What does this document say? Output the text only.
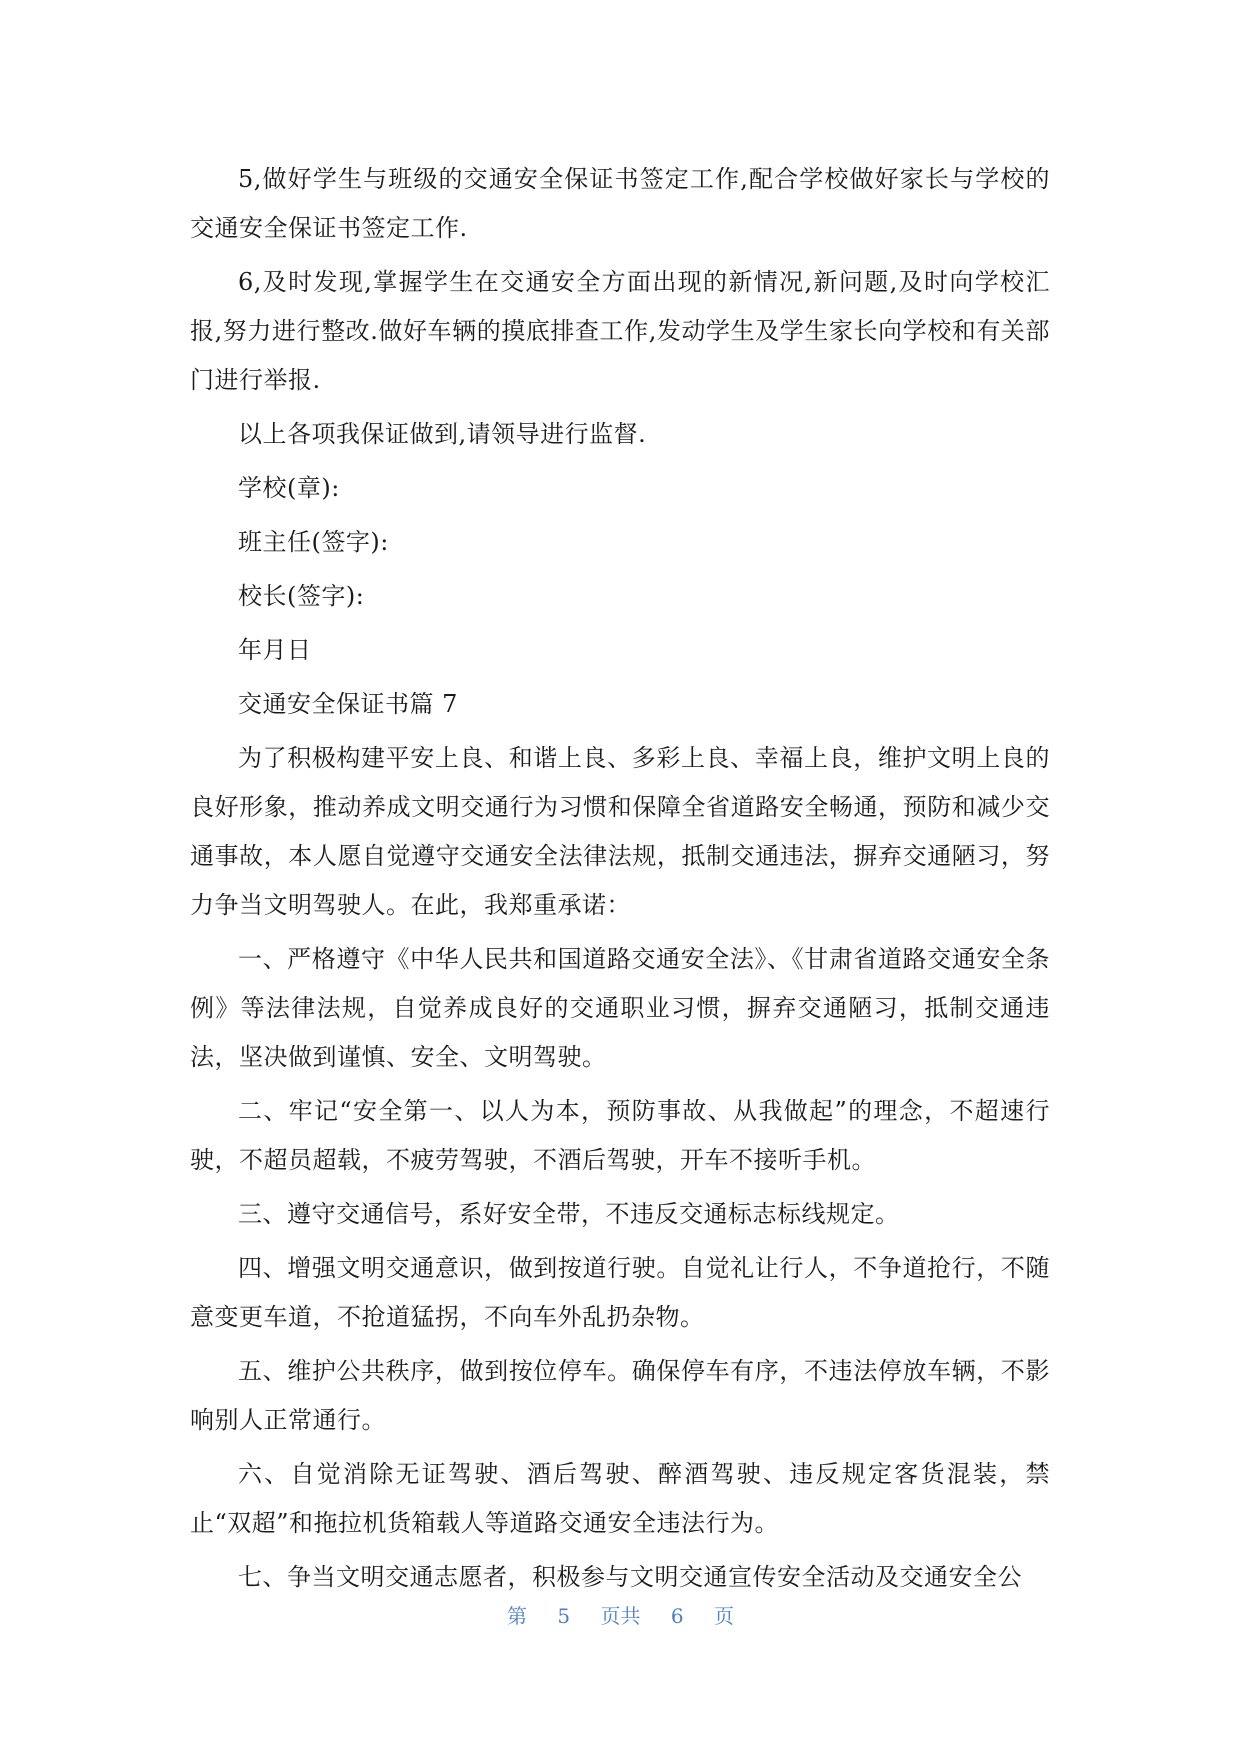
5,做好学生与班级的交通安全保证书签定工作,配合学校做好家长与学校的交通安全保证书签定工作.

6,及时发现,掌握学生在交通安全方面出现的新情况,新问题,及时向学校汇报,努力进行整改.做好车辆的摸底排查工作,发动学生及学生家长向学校和有关部门进行举报.

以上各项我保证做到,请领导进行监督.

学校(章):

班主任(签字):

校长(签字):

年月日

交通安全保证书篇 7

为了积极构建平安上良、和谐上良、多彩上良、幸福上良，维护文明上良的良好形象，推动养成文明交通行为习惯和保障全省道路安全畅通，预防和减少交通事故，本人愿自觉遵守交通安全法律法规，抵制交通违法，摒弃交通陋习，努力争当文明驾驶人。在此，我郑重承诺：

一、严格遵守《中华人民共和国道路交通安全法》、《甘肃省道路交通安全条例》等法律法规，自觉养成良好的交通职业习惯，摒弃交通陋习，抵制交通违法，坚决做到谨慎、安全、文明驾驶。

二、牢记“安全第一、以人为本，预防事故、从我做起”的理念，不超速行驶，不超员超载，不疲劳驾驶，不酒后驾驶，开车不接听手机。

三、遵守交通信号，系好安全带，不违反交通标志标线规定。

四、增强文明交通意识，做到按道行驶。自觉礼让行人，不争道抢行，不随意变更车道，不抢道猛拐，不向车外乱扔杂物。

五、维护公共秩序，做到按位停车。确保停车有序，不违法停放车辆，不影响别人正常通行。

六、自觉消除无证驾驶、酒后驾驶、醉酒驾驶、违反规定客货混装，禁止“双超”和拖拉机货箱载人等道路交通安全违法行为。

七、争当文明交通志愿者，积极参与文明交通宣传安全活动及交通安全公

第 5 页共 6 页
